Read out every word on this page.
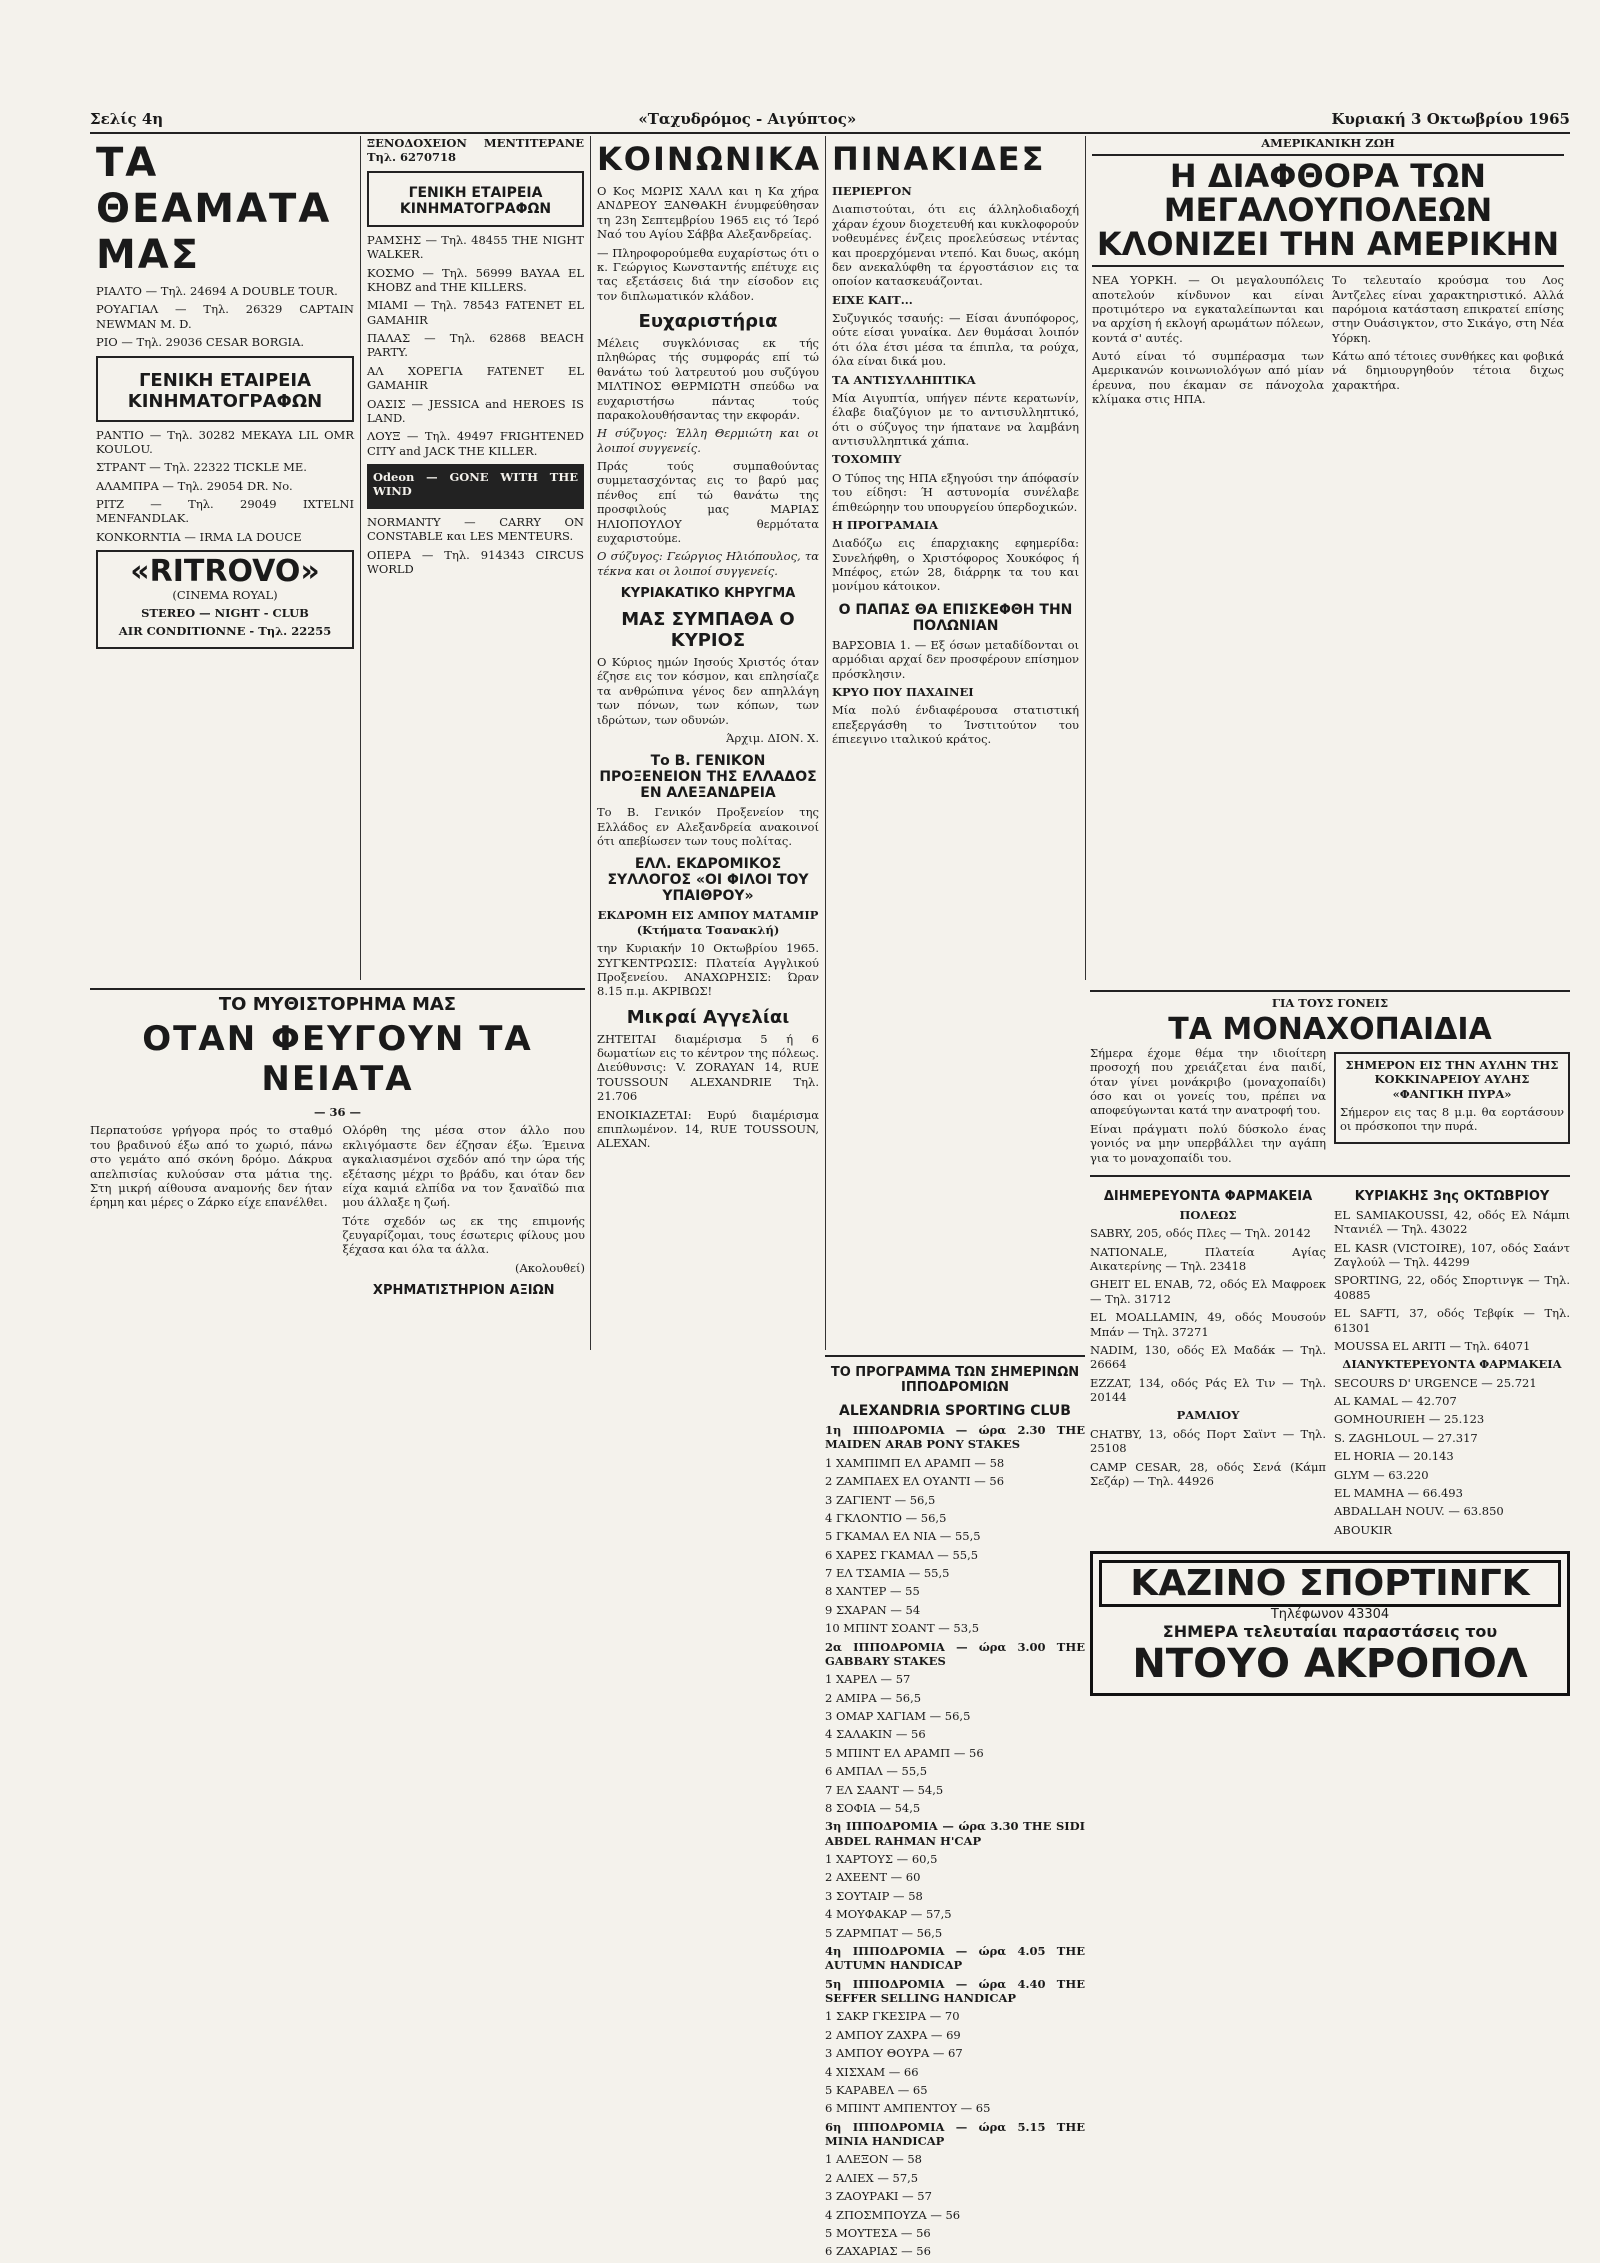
Σελίς 4η	«Ταχυδρόμος - Αιγύπτος»	Κυριακή 3 Οκτωβρίου 1965
ΤΑ ΘΕΑΜΑΤΑ ΜΑΣ
ΡΙΑΛΤΟ — Τηλ. 24694 A DOUBLE TOUR.
ΡΟΥΑΓΙΑΛ — Τηλ. 26329 CAPTAIN NEWMAN M. D.
ΡΙΟ — Τηλ. 29036 CESAR BORGIA.
ΓΕΝΙΚΗ ΕΤΑΙΡΕΙΑ ΚΙΝΗΜΑΤΟΓΡΑΦΩΝ
ΡΑΝΤΙΟ — Τηλ. 30282 MEKAYA LIL OMR KOULOU.
ΣΤΡΑΝΤ — Τηλ. 22322 TICKLE ME.
ΑΛΑΜΠΡΑ — Τηλ. 29054 DR. No.
ΡΙΤΖ — Τηλ. 29049 IXTELNI MENFANDLAK.
KONKORNTIA — IRMA LA DOUCE
«RITROVO»

(CINEMA ROYAL)

STEREO — NIGHT - CLUB

AIR CONDITIONNE - Τηλ. 22255

ΞΕΝΟΔΟΧΕΙΟΝ ΜΕΝΤΙΤΕΡΑΝΕ Τηλ. 6270718

ΓΕΝΙΚΗ ΕΤΑΙΡΕΙΑ ΚΙΝΗΜΑΤΟΓΡΑΦΩΝ
ΡΑΜΣΗΣ — Τηλ. 48455 THE NIGHT WALKER.
ΚΟΣΜΟ — Τηλ. 56999 BAYAA EL KHOBZ and THE KILLERS.
ΜΙΑΜΙ — Τηλ. 78543 FATENET EL GAMAHIR
ΠΑΛΑΣ — Τηλ. 62868 BEACH PARTY.
ΑΛ ΧΟΡΕΓΙΑ FATENET EL GAMAHIR
ΟΑΣΙΣ — JESSICA and HEROES IS LAND.
ΛΟΥΞ — Τηλ. 49497 FRIGHTENED CITY and JACK THE KILLER.

Odeon — GONE WITH THE WIND

NORMANTY — CARRY ON CONSTABLE και LES MENTEURS.

ΟΠΕΡΑ — Τηλ. 914343 CIRCUS WORLD

ΚΟΙΝΩΝΙΚΑ

Ο Κος ΜΩΡΙΣ ΧΑΛΛ και η Κα χήρα ΑΝΔΡΕΟΥ ΞΑΝΘΑΚΗ ένυμφεύθησαν τη 23η Σεπτεμβρίου 1965 εις τό Ίερό Ναό του Αγίου Σάββα Αλεξανδρείας.

— Πληροφορούμεθα ευχαρίστως ότι ο κ. Γεώργιος Κωνσταντής επέτυχε εις τας εξετάσεις διά την είσοδον εις τον διπλωματικόν κλάδον.

Ευχαριστήρια

Μέλεις συγκλόνισας εκ τής πληθώρας τής συμφοράς επί τώ θανάτω τού λατρευτού μου συζύγου ΜΙΛΤΙΝΟΣ ΘΕΡΜΙΩΤΗ σπεύδω να ευχαριστήσω πάντας τούς παρακολουθήσαντας την εκφοράν.

Η σύζυγος: Έλλη Θερμιώτη και οι λοιποί συγγενείς.

Πράς τούς συμπαθούντας συμμετασχόντας εις το βαρύ μας πένθος επί τώ θανάτω της προσφιλούς μας ΜΑΡΙΑΣ ΗΛΙΟΠΟΥΛΟΥ θερμότατα ευχαριστούμε.

Ο σύζυγος: Γεώργιος Ηλιόπουλος, τα τέκνα και οι λοιποί συγγενείς.

ΚΥΡΙΑΚΑΤΙΚΟ ΚΗΡΥΓΜΑ
ΜΑΣ ΣΥΜΠΑΘΑ Ο ΚΥΡΙΟΣ

Ο Κύριος ημών Ιησούς Χριστός όταν έζησε εις τον κόσμον, και επλησίαζε τα ανθρώπινα γένος δεν απηλλάγη των πόνων, των κόπων, των ιδρώτων, των οδυνών.

Άρχιμ. ΔΙΟΝ. Χ.

Το Β. ΓΕΝΙΚΟΝ ΠΡΟΞΕΝΕΙΟΝ ΤΗΣ ΕΛΛΑΔΟΣ ΕΝ ΑΛΕΞΑΝΔΡΕΙΑ

Το Β. Γενικόν Προξενείον της Ελλάδος εν Αλεξανδρεία ανακοινοί ότι απεβίωσεν των τους πολίτας.

ΕΛΛ. ΕΚΔΡΟΜΙΚΟΣ ΣΥΛΛΟΓΟΣ «ΟΙ ΦΙΛΟΙ ΤΟΥ ΥΠΑΙΘΡΟΥ»

ΕΚΔΡΟΜΗ ΕΙΣ ΑΜΠΟΥ ΜΑΤΑΜΙΡ (Κτήματα Τσανακλή)

την Κυριακήν 10 Οκτωβρίου 1965. ΣΥΓΚΕΝΤΡΩΣΙΣ: Πλατεία Αγγλικού Προξενείου. ΑΝΑΧΩΡΗΣΙΣ: Ώραν 8.15 π.μ. ΑΚΡΙΒΩΣ!

Μικραί Αγγελίαι

ΖΗΤΕΙΤΑΙ διαμέρισμα 5 ή 6 δωματίων εις το κέντρον της πόλεως. Διεύθυνσις: V. ZORAYAN 14, RUE TOUSSOUN ALEXANDRIE Τηλ. 21.706

ΕΝΟΙΚΙΑΖΕΤΑΙ: Ευρύ διαμέρισμα επιπλωμένον. 14, RUE TOUSSOUN, ALEXAN.

ΠΙΝΑΚΙΔΕΣ

ΠΕΡΙΕΡΓΟΝ

Διαπιστούται, ότι εις άλληλοδιαδοχή χάραν έχουν διοχετευθή και κυκλοφορούν νοθευμένες ένζεις προελεύσεως ντέντας και προερχόμεναι ντεπό. Και δυως, ακόμη δεν ανεκαλύφθη τα έργοστάσιον εις τα οποίον κατασκευάζονται.

ΕΙΧΕ ΚΑΙΤ...

Συζυγικός τσαυής: — Είσαι άνυπόφορος, ούτε είσαι γυναίκα. Δεν θυμάσαι λοιπόν ότι όλα έτσι μέσα τα έπιπλα, τα ρούχα, όλα είναι δικά μου.

ΤΑ ΑΝΤΙΣΥΛΛΗΠΤΙΚΑ

Μία Αιγυπτία, υπήγεν πέντε κερατωνίν, έλαβε διαζύγιον με το αντισυλληπτικό, ότι ο σύζυγος την ήπατανε να λαμβάνη αντισυλληπτικά χάπια.

ΤΟΧΟΜΠΥ

Ο Τύπος της ΗΠΑ εξηγούσι την άπόφασίν του είδησι: Ή αστυνομία συνέλαβε έπιθεώρηην του υπουργείου ύπερδοχικών.

Η ΠΡΟΓΡΑΜΑΙΑ

Διαδόζω εις έπαρχιακης εφημερίδα: Συνελήφθη, ο Χριστόφορος Χουκόφος ή Μπέφος, ετών 28, διάρρηκ τα του και μονίμου κάτοικον.

Ο ΠΑΠΑΣ ΘΑ ΕΠΙΣΚΕΦΘΗ ΤΗΝ ΠΟΛΩΝΙΑΝ

ΒΑΡΣΟΒΙΑ 1. — Εξ όσων μεταδίδονται οι αρμόδιαι αρχαί δεν προσφέρουν επίσημον πρόσκλησιν.

ΚΡΥΟ ΠΟΥ ΠΑΧΑΙΝΕΙ

Μία πολύ ένδιαφέρουσα στατιστική επεξεργάσθη το Ίνστιτούτον του έπιεεγινο ιταλικού κράτος.

ΑΜΕΡΙΚΑΝΙΚΗ ΖΩΗ

Η ΔΙΑΦΘΟΡΑ ΤΩΝ ΜΕΓΑΛΟΥΠΟΛΕΩΝ ΚΛΟΝΙΖΕΙ ΤΗΝ ΑΜΕΡΙΚΗΝ

ΝΕΑ ΥΟΡΚΗ. — Οι μεγαλουπόλεις αποτελούν κίνδυνον και είναι προτιμότερο να εγκαταλείπωνται και να αρχίση ή εκλογή αρωμάτων πόλεων, κοντά σ' αυτές.

Αυτό είναι τό συμπέρασμα των Αμερικανών κοινωνιολόγων από μίαν έρευνα, που έκαμαν σε πάνοχολα κλίμακα στις ΗΠΑ.

Το τελευταίο κρούσμα του Λος Άντζελες είναι χαρακτηριστικό. Αλλά παρόμοια κατάσταση επικρατεί επίσης στην Ουάσιγκτον, στο Σικάγο, στη Νέα Υόρκη.

Κάτω από τέτοιες συνθήκες και φοβικά νά δημιουργηθούν τέτοια διχως χαρακτήρα.

ΤΟ ΜΥΘΙΣΤΟΡΗΜΑ ΜΑΣ
ΟΤΑΝ ΦΕΥΓΟΥΝ ΤΑ ΝΕΙΑΤΑ

— 36 —

Περπατούσε γρήγορα πρός το σταθμό του βραδινού έξω από το χωριό, πάνω στο γεμάτο από σκόνη δρόμο. Δάκρυα απελπισίας κυλούσαν στα μάτια της. Στη μικρή αίθουσα αναμονής δεν ήταν έρημη και μέρες ο Ζάρκο είχε επανέλθει.

Ολόρθη της μέσα στον άλλο που εκλιγόμαστε δεν έζησαν έξω. Έμεινα αγκαλιασμένοι σχεδόν από την ώρα τής εξέτασης μέχρι το βράδυ, και όταν δεν είχα καμιά ελπίδα να τον ξαναϊδώ πια μου άλλαξε η ζωή.

Τότε σχεδόν ως εκ της επιμονής ζευγαρίζομαι, τους έσωτερις φίλους μου ξέχασα και όλα τα άλλα.

(Ακολουθεί)

ΧΡΗΜΑΤΙΣΤΗΡΙΟΝ ΑΞΙΩΝ
ΤΟ ΠΡΟΓΡΑΜΜΑ ΤΩΝ ΣΗΜΕΡΙΝΩΝ ΙΠΠΟΔΡΟΜΙΩΝ
ALEXANDRIA SPORTING CLUB

1η ΙΠΠΟΔΡΟΜΙΑ — ώρα 2.30 THE MAIDEN ARAB PONY STAKES

1 ΧΑΜΠΙΜΠ ΕΛ ΑΡΑΜΠ — 58
2 ΖΑΜΠΑΕΧ ΕΛ ΟΥΑΝΤΙ — 56
3 ΖΑΓΙΕΝΤ — 56,5
4 ΓΚΛΟΝΤΙΟ — 56,5
5 ΓΚΑΜΑΛ ΕΛ ΝΙΑ — 55,5
6 ΧΑΡΕΣ ΓΚΑΜΑΛ — 55,5
7 ΕΛ ΤΣΑΜΙΑ — 55,5
8 ΧΑΝΤΕΡ — 55
9 ΣΧΑΡΑΝ — 54
10 ΜΠΙΝΤ ΣΟΑΝΤ — 53,5

2α ΙΠΠΟΔΡΟΜΙΑ — ώρα 3.00 THE GABBARY STAKES

1 ΧΑΡΕΛ — 57
2 ΑΜΙΡΑ — 56,5
3 ΟΜΑΡ ΧΑΓΙΑΜ — 56,5
4 ΣΑΛΑΚΙΝ — 56
5 ΜΠΙΝΤ ΕΛ ΑΡΑΜΠ — 56
6 ΑΜΠΑΛ — 55,5
7 ΕΛ ΣΑΑΝΤ — 54,5
8 ΣΟΦΙΑ — 54,5

3η ΙΠΠΟΔΡΟΜΙΑ — ώρα 3.30 THE SIDI ABDEL RAHMAN H'CAP

1 ΧΑΡΤΟΥΣ — 60,5
2 ΑΧΕΕΝΤ — 60
3 ΣΟΥΤΑΙΡ — 58
4 ΜΟΥΦΑΚΑΡ — 57,5
5 ΖΑΡΜΠΑΤ — 56,5

4η ΙΠΠΟΔΡΟΜΙΑ — ώρα 4.05 THE AUTUMN HANDICAP

5η ΙΠΠΟΔΡΟΜΙΑ — ώρα 4.40 THE SEFFER SELLING HANDICAP

1 ΣΑΚΡ ΓΚΕΣΙΡΑ — 70
2 ΑΜΠΟΥ ΖΑΧΡΑ — 69
3 ΑΜΠΟΥ ΘΟΥΡΑ — 67
4 ΧΙΣΧΑΜ — 66
5 ΚΑΡΑΒΕΛ — 65
6 ΜΠΙΝΤ ΑΜΠΕΝΤΟΥ — 65

6η ΙΠΠΟΔΡΟΜΙΑ — ώρα 5.15 THE MINIA HANDICAP

1 ΑΛΕΞΟΝ — 58
2 ΑΛΙΕΧ — 57,5
3 ΖΑΟΥΡΑΚΙ — 57
4 ΖΠΟΣΜΠΟΥΖΑ — 56
5 ΜΟΥΤΕΣΑ — 56
6 ΖΑΧΑΡΙΑΣ — 56

ΓΙΑ ΤΟΥΣ ΓΟΝΕΙΣ

ΤΑ ΜΟΝΑΧΟΠΑΙΔΙΑ

Σήμερα έχομε θέμα την ιδιοίτερη προσοχή που χρειάζεται ένα παιδί, όταν γίνει μονάκριβο (μοναχοπαίδι) όσο και οι γονείς του, πρέπει να αποφεύγωνται κατά την ανατροφή του.

Είναι πράγματι πολύ δύσκολο ένας γονιός να μην υπερβάλλει την αγάπη για το μοναχοπαίδι του.

ΣΗΜΕΡΟΝ ΕΙΣ ΤΗΝ ΑΥΛΗΝ ΤΗΣ ΚΟΚΚΙΝΑΡΕΙΟΥ ΑΥΛΗΣ «ΦΑΝΓΙΚΗ ΠΥΡΑ»

Σήμερον εις τας 8 μ.μ. θα εορτάσουν οι πρόσκοποι την πυρά.

ΔΙΗΜΕΡΕΥΟΝΤΑ ΦΑΡΜΑΚΕΙΑ

ΠΟΛΕΩΣ

SABRY, 205, οδός Πλες — Τηλ. 20142
NATIONALE, Πλατεία Αγίας Αικατερίνης — Τηλ. 23418
GHEIT EL ENAB, 72, οδός Ελ Μαφροεκ — Τηλ. 31712
EL MOALLAMIN, 49, οδός Μουσούν Μπάν — Τηλ. 37271
NADIM, 130, οδός Ελ Μαδάκ — Τηλ. 26664
EZZAT, 134, οδός Ράς Ελ Τιν — Τηλ. 20144

ΡΑΜΛΙΟΥ

CHATBY, 13, οδός Πορτ Σαϊντ — Τηλ. 25108
CAMP CESAR, 28, οδός Σενά (Κάμπ Σεζάρ) — Τηλ. 44926
ΚΥΡΙΑΚΗΣ 3ης ΟΚΤΩΒΡΙΟΥ
EL SAMIAKOUSSI, 42, οδός Ελ Νάμπι Ντανιέλ — Τηλ. 43022
EL KASR (VICTOIRE), 107, οδός Σαάντ Ζαγλούλ — Τηλ. 44299
SPORTING, 22, οδός Σπορτινγκ — Τηλ. 40885
EL SAFTI, 37, οδός Τεβφίκ — Τηλ. 61301
MOUSSA EL ARITI — Τηλ. 64071

ΔΙΑΝΥΚΤΕΡΕΥΟΝΤΑ ΦΑΡΜΑΚΕΙΑ

SECOURS D' URGENCE — 25.721
AL KAMAL — 42.707
GOMHOURIEH — 25.123
S. ZAGHLOUL — 27.317
EL HORIA — 20.143
GLYM — 63.220
EL MAMHA — 66.493
ABDALLAH NOUV. — 63.850
ABOUKIR
ΚΑΖΙΝΟ ΣΠΟΡΤΙΝΓΚ
Τηλέφωνον 43304
ΣΗΜΕΡΑ τελευταίαι παραστάσεις του
ΝΤΟΥΟ ΑΚΡΟΠΟΛ
